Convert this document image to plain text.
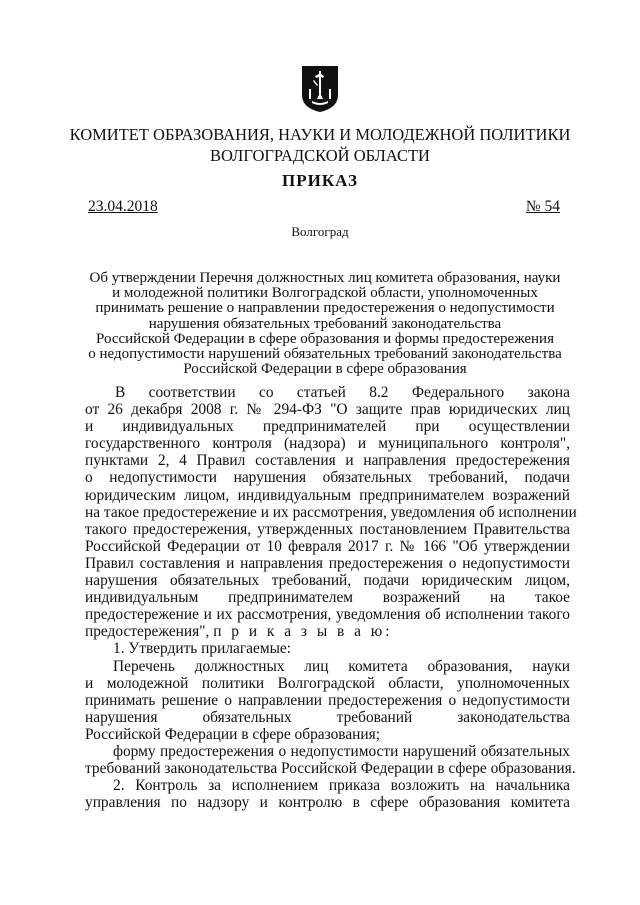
КОМИТЕТ ОБРАЗОВАНИЯ, НАУКИ И МОЛОДЕЖНОЙ ПОЛИТИКИ
ВОЛГОГРАДСКОЙ ОБЛАСТИ
ПРИКАЗ
23.04.2018	№ 54
Волгоград
Об утверждении Перечня должностных лиц комитета образования, науки
и молодежной политики Волгоградской области, уполномоченных
принимать решение о направлении предостережения о недопустимости
нарушения обязательных требований законодательства
Российской Федерации в сфере образования и формы предостережения
о недопустимости нарушений обязательных требований законодательства
Российской Федерации в сфере образования
В соответствии со статьей 8.2 Федерального закона
от 26 декабря 2008 г. № 294-ФЗ "О защите прав юридических лиц
и индивидуальных предпринимателей при осуществлении
государственного контроля (надзора) и муниципального контроля",
пунктами 2, 4 Правил составления и направления предостережения
о недопустимости нарушения обязательных требований, подачи
юридическим лицом, индивидуальным предпринимателем возражений
на такое предостережение и их рассмотрения, уведомления об исполнении
такого предостережения, утвержденных постановлением Правительства
Российской Федерации от 10 февраля 2017 г. № 166 "Об утверждении
Правил составления и направления предостережения о недопустимости
нарушения обязательных требований, подачи юридическим лицом,
индивидуальным предпринимателем возражений на такое
предостережение и их рассмотрения, уведомления об исполнении такого
предостережения", п р и к а з ы в а ю:
1. Утвердить прилагаемые:
Перечень должностных лиц комитета образования, науки
и молодежной политики Волгоградской области, уполномоченных
принимать решение о направлении предостережения о недопустимости
нарушения обязательных требований законодательства
Российской Федерации в сфере образования;
форму предостережения о недопустимости нарушений обязательных
требований законодательства Российской Федерации в сфере образования.
2. Контроль за исполнением приказа возложить на начальника
управления по надзору и контролю в сфере образования комитета
